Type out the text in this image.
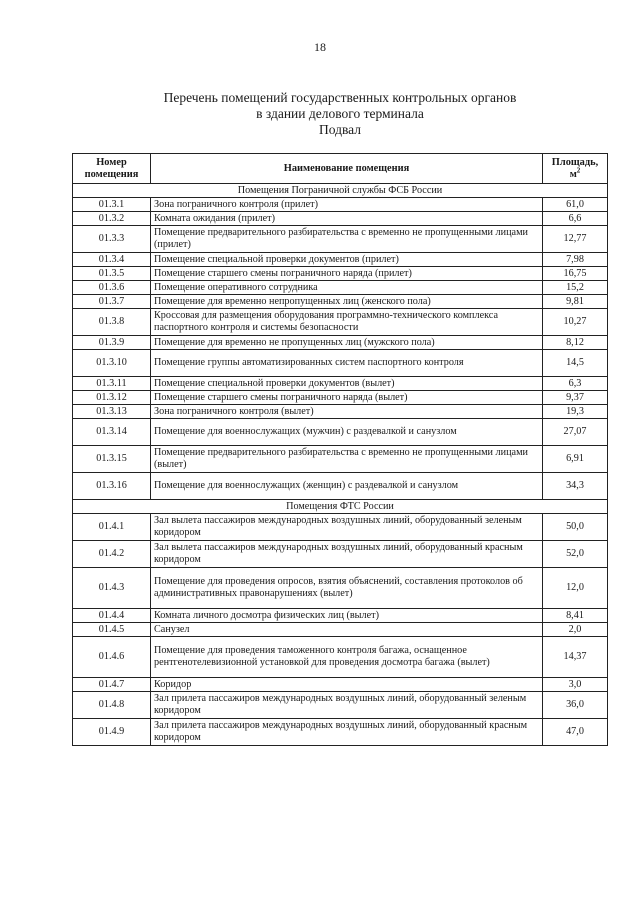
18
Перечень помещений государственных контрольных органов
в здании делового терминала
Подвал
Номер помещения	Наименование помещения	Площадь, $м^2$
Помещения Пограничной службы ФСБ России		
01.3.1	Зона пограничного контроля (прилет)	61,0
01.3.2	Комната ожидания (прилет)	6,6
01.3.3	Помещение предварительного разбирательства с временно не пропущенными лицами (прилет)	12,77
01.3.4	Помещение специальной проверки документов (прилет)	7,98
01.3.5	Помещение старшего смены пограничного наряда (прилет)	16,75
01.3.6	Помещение оперативного сотрудника	15,2
01.3.7	Помещение для временно непропущенных лиц (женского пола)	9,81
01.3.8	Кроссовая для размещения оборудования программно-технического комплекса паспортного контроля и системы безопасности	10,27
01.3.9	Помещение для временно не пропущенных лиц (мужского пола)	8,12
01.3.10	Помещение группы автоматизированных систем паспортного контроля	14,5
01.3.11	Помещение специальной проверки документов (вылет)	6,3
01.3.12	Помещение старшего смены пограничного наряда (вылет)	9,37
01.3.13	Зона пограничного контроля (вылет)	19,3
01.3.14	Помещение для военнослужащих (мужчин) с раздевалкой и санузлом	27,07
01.3.15	Помещение предварительного разбирательства с временно не пропущенными лицами (вылет)	6,91
01.3.16	Помещение для военнослужащих (женщин) с раздевалкой и санузлом	34,3
Помещения ФТС России		
01.4.1	Зал вылета пассажиров международных воздушных линий, оборудованный зеленым коридором	50,0
01.4.2	Зал вылета пассажиров международных воздушных линий, оборудованный красным коридором	52,0
01.4.3	Помещение для проведения опросов, взятия объяснений, составления протоколов об административных правонарушениях (вылет)	12,0
01.4.4	Комната личного досмотра физических лиц (вылет)	8,41
01.4.5	Санузел	2,0
01.4.6	Помещение для проведения таможенного контроля багажа, оснащенное рентгенотелевизионной установкой для проведения досмотра багажа (вылет)	14,37
01.4.7	Коридор	3,0
01.4.8	Зал прилета пассажиров международных воздушных линий, оборудованный зеленым коридором	36,0
01.4.9	Зал прилета пассажиров международных воздушных линий, оборудованный красным коридором	47,0
